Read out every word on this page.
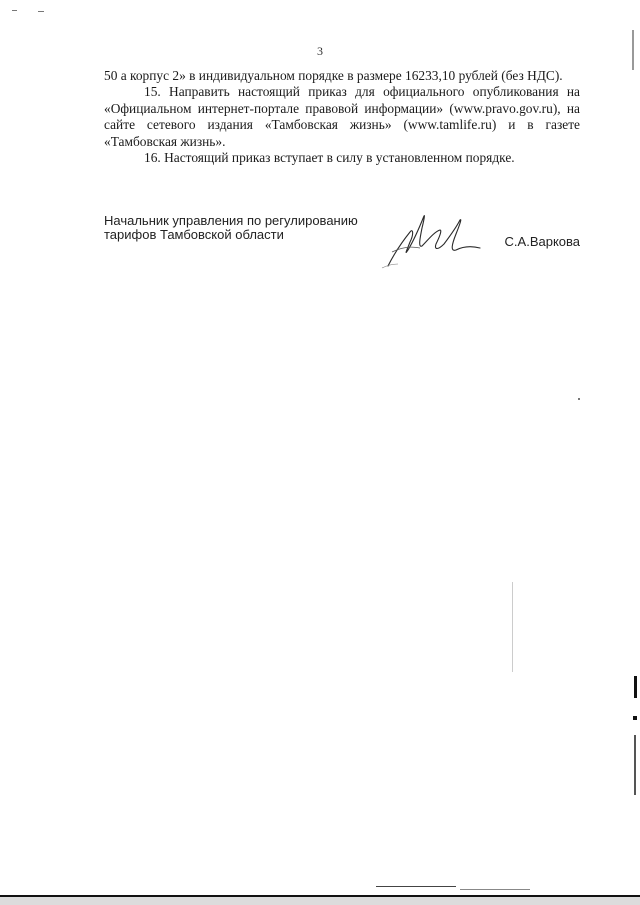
3

50 а корпус 2» в индивидуальном порядке в размере 16233,10 рублей (без НДС).

15. Направить настоящий приказ для официального опубликования на «Официальном интернет-портале правовой информации» (www.pravo.gov.ru), на сайте сетевого издания «Тамбовская жизнь» (www.tamlife.ru) и в газете «Тамбовская жизнь».

16. Настоящий приказ вступает в силу в установленном порядке.

Начальник управления по регулированию
тарифов Тамбовской области	С.А.Варкова
